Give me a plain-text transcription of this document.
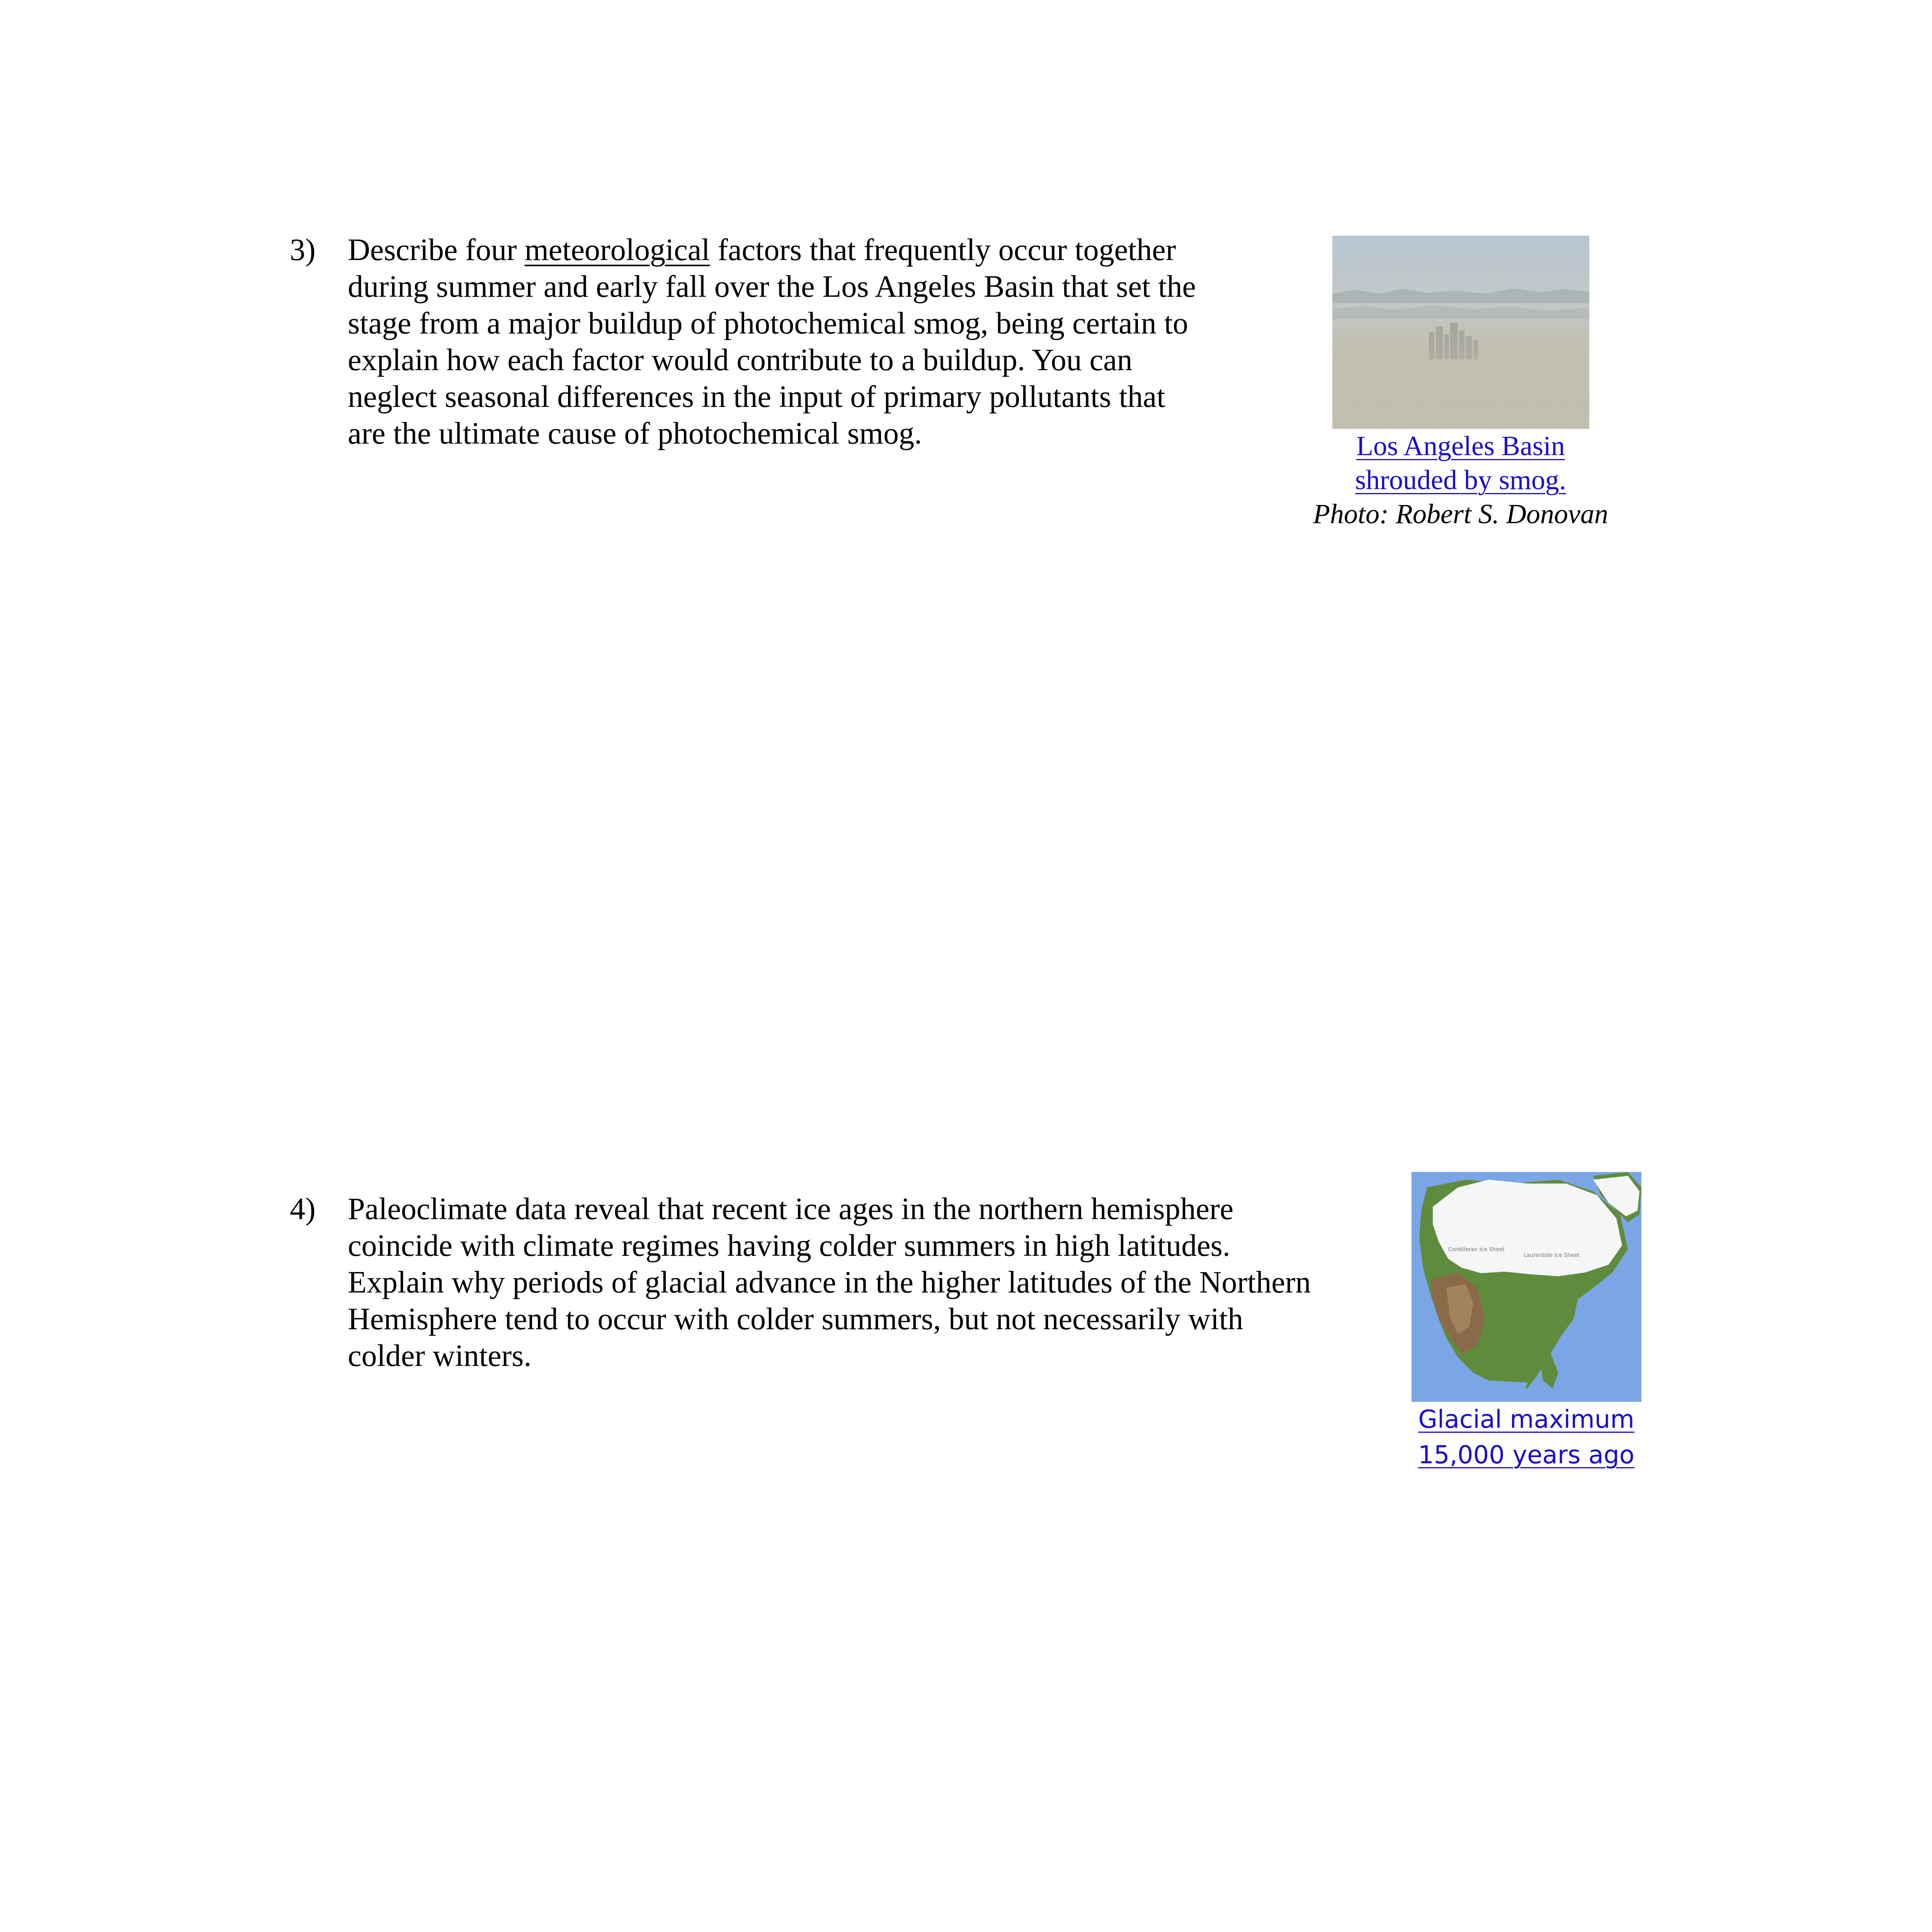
3) Describe four meteorological factors that frequently occur together
during summer and early fall over the Los Angeles Basin that set the
stage from a major buildup of photochemical smog, being certain to
explain how each factor would contribute to a buildup. You can
neglect seasonal differences in the input of primary pollutants that
are the ultimate cause of photochemical smog.	Los Angeles Basin
shrouded by smog.
Photo: Robert S. Donovan
4) Paleoclimate data reveal that recent ice ages in the northern hemisphere
coincide with climate regimes having colder summers in high latitudes.
Explain why periods of glacial advance in the higher latitudes of the Northern
Hemisphere tend to occur with colder summers, but not necessarily with
colder winters.
Cordilleran Ice Sheet
Laurentide Ice Sheet
Glacial maximum
15,000 years ago
